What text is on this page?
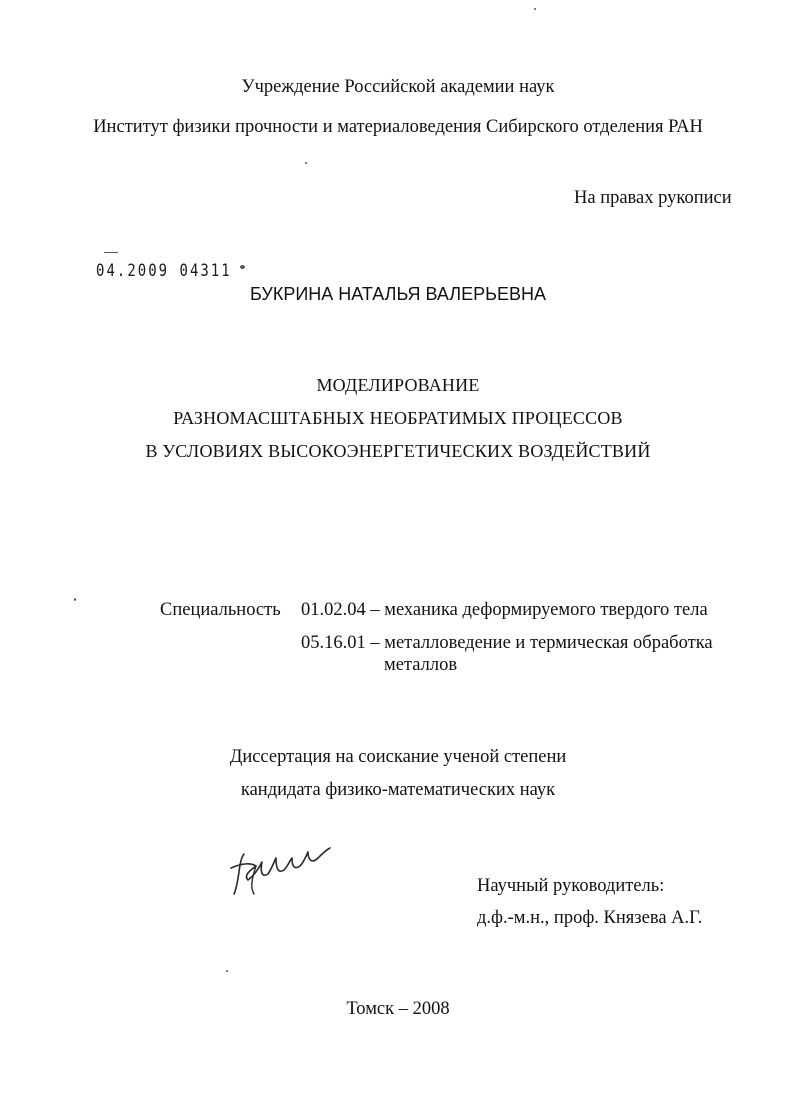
Учреждение Российской академии наук
Институт физики прочности и материаловедения Сибирского отделения РАН
На правах рукописи
04.2009 04311
БУКРИНА НАТАЛЬЯ ВАЛЕРЬЕВНА
МОДЕЛИРОВАНИЕ
РАЗНОМАСШТАБНЫХ НЕОБРАТИМЫХ ПРОЦЕССОВ
В УСЛОВИЯХ ВЫСОКОЭНЕРГЕТИЧЕСКИХ ВОЗДЕЙСТВИЙ
Специальность 01.02.04 – механика деформируемого твердого тела
05.16.01 – металловедение и термическая обработка
металлов
Диссертация на соискание ученой степени
кандидата физико-математических наук
Научный руководитель:
д.ф.-м.н., проф. Князева А.Г.
Томск – 2008
